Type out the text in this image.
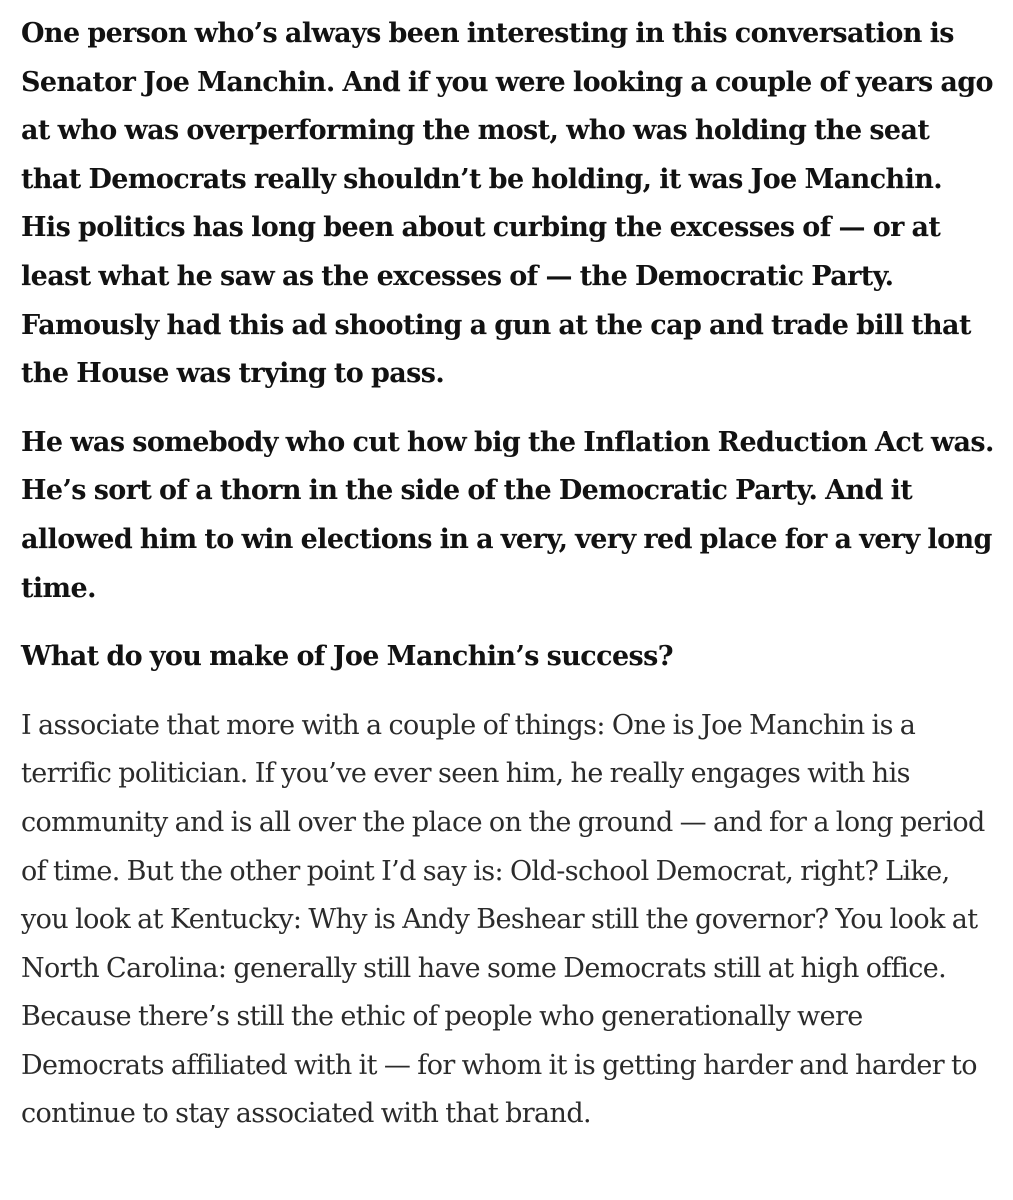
One person who’s always been interesting in this conversation is Senator Joe Manchin. And if you were looking a couple of years ago at who was overperforming the most, who was holding the seat that Democrats really shouldn’t be holding, it was Joe Manchin. His politics has long been about curbing the excesses of — or at least what he saw as the excesses of — the Democratic Party. Famously had this ad shooting a gun at the cap and trade bill that the House was trying to pass.

He was somebody who cut how big the Inflation Reduction Act was. He’s sort of a thorn in the side of the Democratic Party. And it allowed him to win elections in a very, very red place for a very long time.

What do you make of Joe Manchin’s success?

I associate that more with a couple of things: One is Joe Manchin is a terrific politician. If you’ve ever seen him, he really engages with his community and is all over the place on the ground — and for a long period of time. But the other point I’d say is: Old-school Democrat, right? Like, you look at Kentucky: Why is Andy Beshear still the governor? You look at North Carolina: generally still have some Democrats still at high office. Because there’s still the ethic of people who generationally were Democrats affiliated with it — for whom it is getting harder and harder to continue to stay associated with that brand.
